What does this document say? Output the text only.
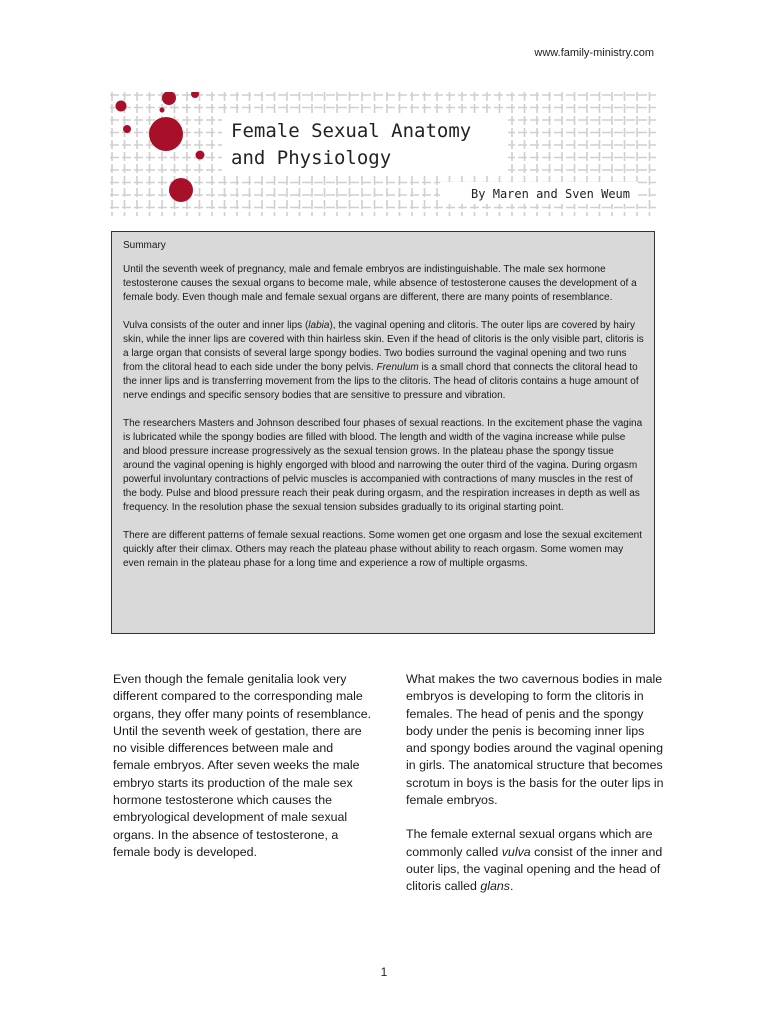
www.family-ministry.com
Female Sexual Anatomy
and Physiology
By Maren and Sven Weum
Summary

Until the seventh week of pregnancy, male and female embryos are indistinguishable. The male sex hormone testosterone causes the sexual organs to become male, while absence of testosterone causes the development of a female body. Even though male and female sexual organs are different, there are many points of resemblance.

Vulva consists of the outer and inner lips (labia), the vaginal opening and clitoris. The outer lips are covered by hairy skin, while the inner lips are covered with thin hairless skin. Even if the head of clitoris is the only visible part, clitoris is a large organ that consists of several large spongy bodies. Two bodies surround the vaginal opening and two runs from the clitoral head to each side under the bony pelvis. Frenulum is a small chord that connects the clitoral head to the inner lips and is transferring movement from the lips to the clitoris. The head of clitoris contains a huge amount of nerve endings and specific sensory bodies that are sensitive to pressure and vibration.

The researchers Masters and Johnson described four phases of sexual reactions. In the excitement phase the vagina is lubricated while the spongy bodies are filled with blood. The length and width of the vagina increase while pulse and blood pressure increase progressively as the sexual tension grows. In the plateau phase the spongy tissue around the vaginal opening is highly engorged with blood and narrowing the outer third of the vagina. During orgasm powerful involuntary contractions of pelvic muscles is accompanied with contractions of many muscles in the rest of the body. Pulse and blood pressure reach their peak during orgasm, and the respiration increases in depth as well as frequency. In the resolution phase the sexual tension subsides gradually to its original starting point.

There are different patterns of female sexual reactions. Some women get one orgasm and lose the sexual excitement quickly after their climax. Others may reach the plateau phase without ability to reach orgasm. Some women may even remain in the plateau phase for a long time and experience a row of multiple orgasms.

Even though the female genitalia look very different compared to the corresponding male organs, they offer many points of resemblance. Until the seventh week of gestation, there are no visible differences between male and female embryos. After seven weeks the male embryo starts its production of the male sex hormone testosterone which causes the embryological development of male sexual organs. In the absence of testosterone, a female body is developed.

What makes the two cavernous bodies in male embryos is developing to form the clitoris in females. The head of penis and the spongy body under the penis is becoming inner lips and spongy bodies around the vaginal opening in girls. The anatomical structure that becomes scrotum in boys is the basis for the outer lips in female embryos.

The female external sexual organs which are commonly called vulva consist of the inner and outer lips, the vaginal opening and the head of clitoris called glans.

1
